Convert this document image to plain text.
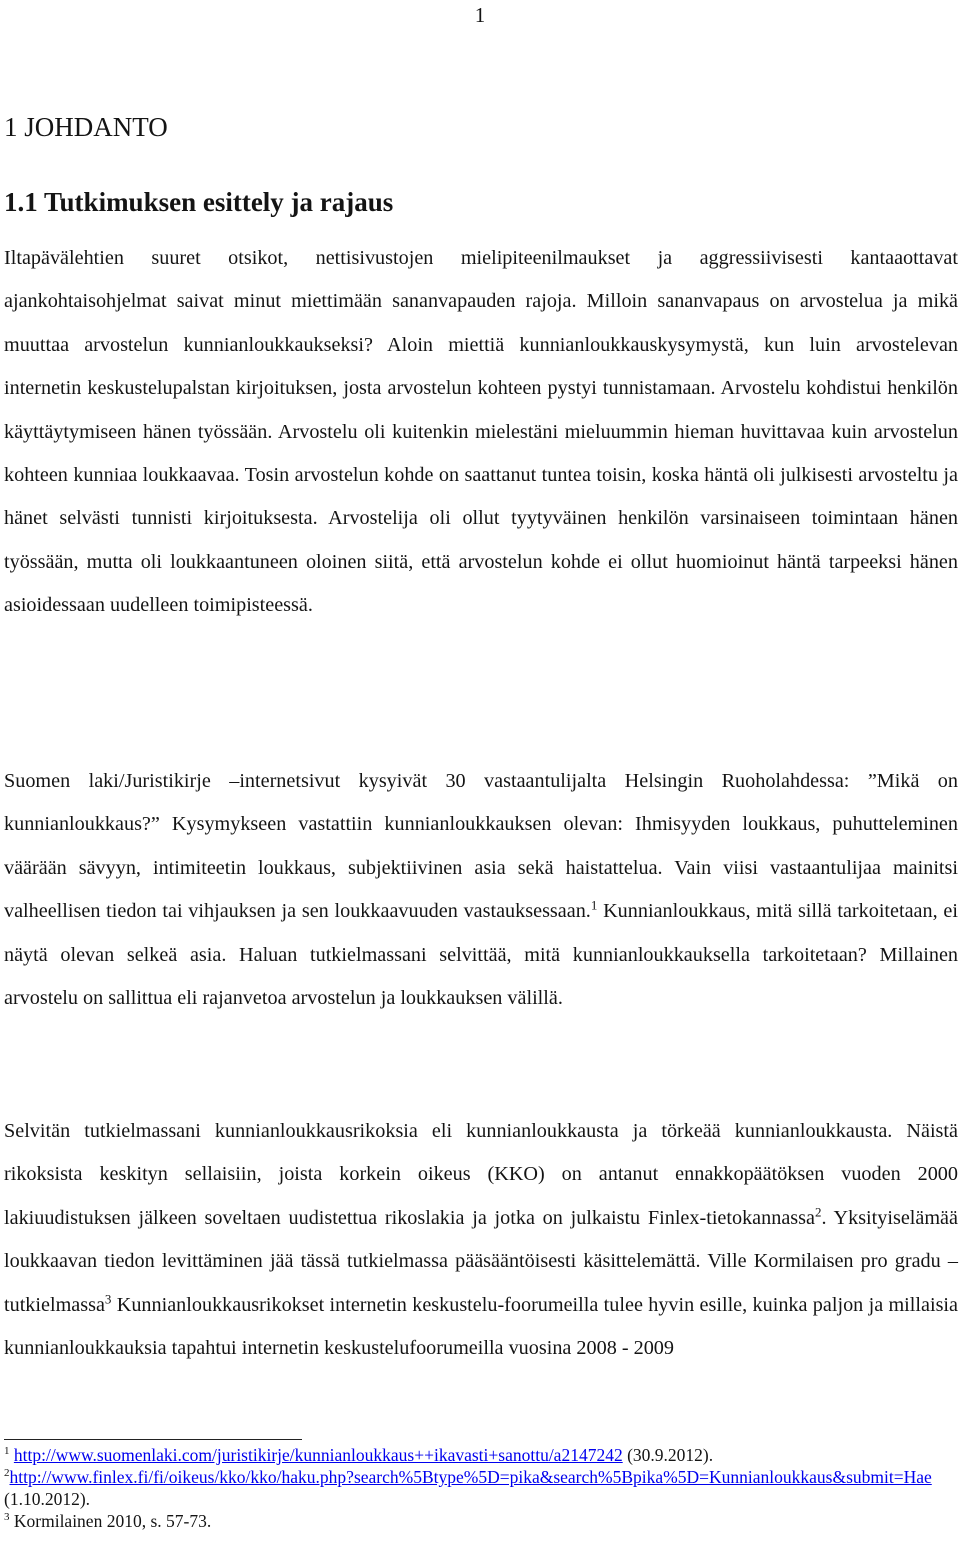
1
1 JOHDANTO
1.1 Tutkimuksen esittely ja rajaus

Iltapävälehtien suuret otsikot, nettisivustojen mielipiteenilmaukset ja aggressiivisesti kantaaottavat ajankohtaisohjelmat saivat minut miettimään sananvapauden rajoja. Milloin sananvapaus on arvostelua ja mikä muuttaa arvostelun kunnianloukkaukseksi? Aloin miettiä kunnianloukkauskysymystä, kun luin arvostelevan internetin keskustelupalstan kirjoituksen, josta arvostelun kohteen pystyi tunnistamaan. Arvostelu kohdistui henkilön käyttäytymiseen hänen työssään. Arvostelu oli kuitenkin mielestäni mieluummin hieman huvittavaa kuin arvostelun kohteen kunniaa loukkaavaa. Tosin arvostelun kohde on saattanut tuntea toisin, koska häntä oli julkisesti arvosteltu ja hänet selvästi tunnisti kirjoituksesta. Arvostelija oli ollut tyytyväinen henkilön varsinaiseen toimintaan hänen työssään, mutta oli loukkaantuneen oloinen siitä, että arvostelun kohde ei ollut huomioinut häntä tarpeeksi hänen asioidessaan uudelleen toimipisteessä.

Suomen laki/Juristikirje –internetsivut kysyivät 30 vastaantulijalta Helsingin Ruoholahdessa: ”Mikä on kunnianloukkaus?” Kysymykseen vastattiin kunnianloukkauksen olevan: Ihmisyyden loukkaus, puhutteleminen väärään sävyyn, intimiteetin loukkaus, subjektiivinen asia sekä haistattelua. Vain viisi vastaantulijaa mainitsi valheellisen tiedon tai vihjauksen ja sen loukkaavuuden vastauksessaan.$^1$ Kunnianloukkaus, mitä sillä tarkoitetaan, ei näytä olevan selkeä asia. Haluan tutkielmassani selvittää, mitä kunnianloukkauksella tarkoitetaan? Millainen arvostelu on sallittua eli rajanvetoa arvostelun ja loukkauksen välillä.

Selvitän tutkielmassani kunnianloukkausrikoksia eli kunnianloukkausta ja törkeää kunnianloukkausta. Näistä rikoksista keskityn sellaisiin, joista korkein oikeus (KKO) on antanut ennakkopäätöksen vuoden 2000 lakiuudistuksen jälkeen soveltaen uudistettua rikoslakia ja jotka on julkaistu Finlex-tietokannassa$^2$. Yksityiselämää loukkaavan tiedon levittäminen jää tässä tutkielmassa pääsääntöisesti käsittelemättä. Ville Kormilaisen pro gradu –tutkielmassa$^3$ Kunnianloukkausrikokset internetin keskustelu-foorumeilla tulee hyvin esille, kuinka paljon ja millaisia kunnianloukkauksia tapahtui internetin keskustelufoorumeilla vuosina 2008 - 2009

$^1$ http://www.suomenlaki.com/juristikirje/kunnianloukkaus++ikavasti+sanottu/a2147242 (30.9.2012).

$^2$http://www.finlex.fi/fi/oikeus/kko/kko/haku.php?search%5Btype%5D=pika&search%5Bpika%5D=Kunnianloukkaus&submit=Hae (1.10.2012).

$^3$ Kormilainen 2010, s. 57-73.
